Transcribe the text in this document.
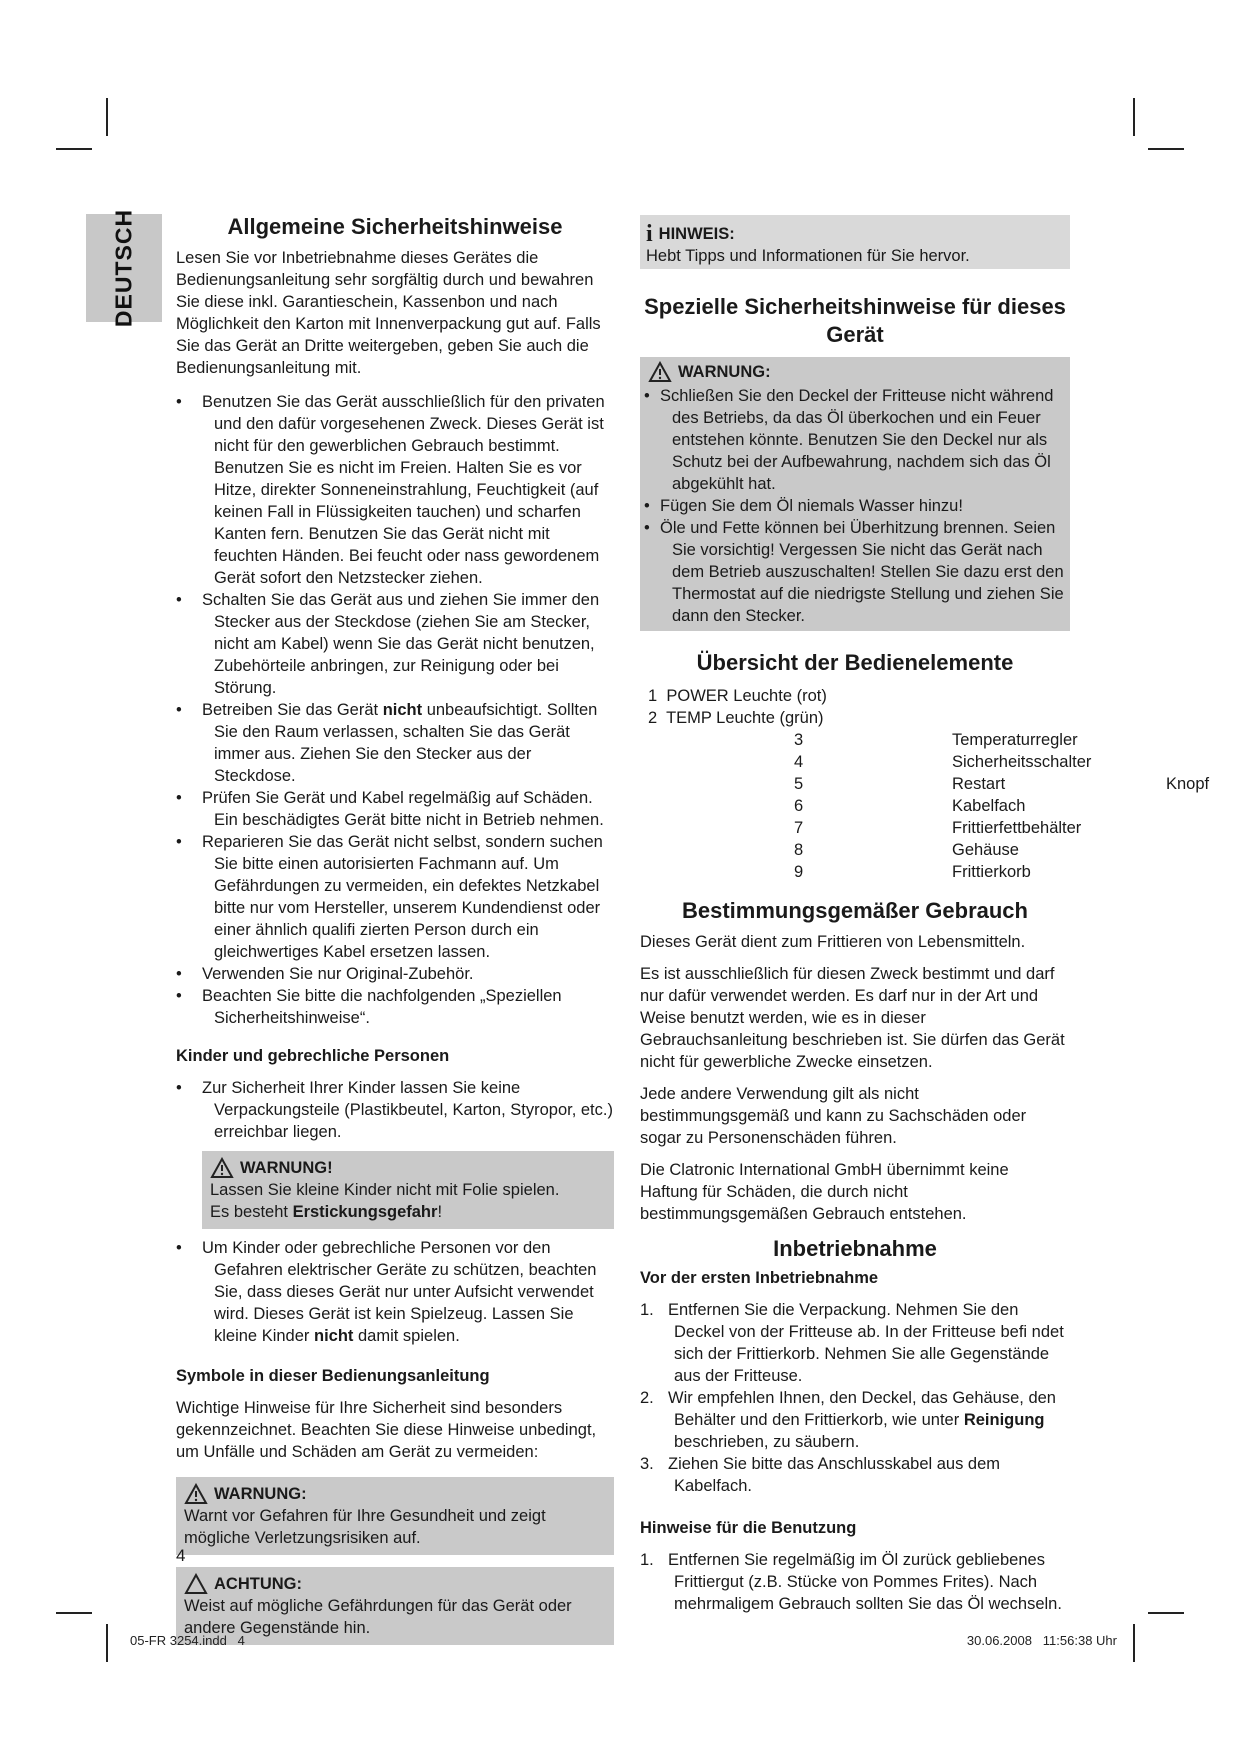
DEUTSCH	Allgemeine Sicherheitshinweise

Lesen Sie vor Inbetriebnahme dieses Gerätes die Bedienungsanleitung sehr sorgfältig durch und bewahren Sie diese inkl. Garantieschein, Kassenbon und nach Möglichkeit den Karton mit Innenverpackung gut auf. Falls Sie das Gerät an Dritte weitergeben, geben Sie auch die Bedienungsanleitung mit.

• Benutzen Sie das Gerät ausschließlich für den privaten und den dafür vorgesehenen Zweck. Dieses Gerät ist nicht für den gewerblichen Gebrauch bestimmt. Benutzen Sie es nicht im Freien. Halten Sie es vor Hitze, direkter Sonneneinstrahlung, Feuchtigkeit (auf keinen Fall in Flüssigkeiten tauchen) und scharfen Kanten fern. Benutzen Sie das Gerät nicht mit feuchten Händen. Bei feucht oder nass gewordenem Gerät sofort den Netzstecker ziehen.
• Schalten Sie das Gerät aus und ziehen Sie immer den Stecker aus der Steckdose (ziehen Sie am Stecker, nicht am Kabel) wenn Sie das Gerät nicht benutzen, Zubehörteile anbringen, zur Reinigung oder bei Störung.
• Betreiben Sie das Gerät nicht unbeaufsichtigt. Sollten Sie den Raum verlassen, schalten Sie das Gerät immer aus. Ziehen Sie den Stecker aus der Steckdose.
• Prüfen Sie Gerät und Kabel regelmäßig auf Schäden. Ein beschädigtes Gerät bitte nicht in Betrieb nehmen.
• Reparieren Sie das Gerät nicht selbst, sondern suchen Sie bitte einen autorisierten Fachmann auf. Um Gefährdungen zu vermeiden, ein defektes Netzkabel bitte nur vom Hersteller, unserem Kundendienst oder einer ähnlich qualifi zierten Person durch ein gleichwertiges Kabel ersetzen lassen.
• Verwenden Sie nur Original-Zubehör.
• Beachten Sie bitte die nachfolgenden „Speziellen Sicherheitshinweise“.
Kinder und gebrechliche Personen
• Zur Sicherheit Ihrer Kinder lassen Sie keine Verpackungsteile (Plastikbeutel, Karton, Styropor, etc.) erreichbar liegen.
WARNUNG!

Lassen Sie kleine Kinder nicht mit Folie spielen.

Es besteht Erstickungsgefahr!

• Um Kinder oder gebrechliche Personen vor den Gefahren elektrischer Geräte zu schützen, beachten Sie, dass dieses Gerät nur unter Aufsicht verwendet wird. Dieses Gerät ist kein Spielzeug. Lassen Sie kleine Kinder nicht damit spielen.
Symbole in dieser Bedienungsanleitung

Wichtige Hinweise für Ihre Sicherheit sind besonders gekennzeichnet. Beachten Sie diese Hinweise unbedingt, um Unfälle und Schäden am Gerät zu vermeiden:

WARNUNG:

Warnt vor Gefahren für Ihre Gesundheit und zeigt mögliche Verletzungsrisiken auf.

ACHTUNG:

Weist auf mögliche Gefährdungen für das Gerät oder andere Gegenstände hin.

4
i HINWEIS:

Hebt Tipps und Informationen für Sie hervor.

Spezielle Sicherheitshinweise für dieses Gerät
WARNUNG:
• Schließen Sie den Deckel der Fritteuse nicht während des Betriebs, da das Öl überkochen und ein Feuer entstehen könnte. Benutzen Sie den Deckel nur als Schutz bei der Aufbewahrung, nachdem sich das Öl abgekühlt hat.
• Fügen Sie dem Öl niemals Wasser hinzu!
• Öle und Fette können bei Überhitzung brennen. Seien Sie vorsichtig! Vergessen Sie nicht das Gerät nach dem Betrieb auszuschalten! Stellen Sie dazu erst den Thermostat auf die niedrigste Stellung und ziehen Sie dann den Stecker.
Übersicht der Bedienelemente
1 POWER Leuchte (rot)
2 TEMP Leuchte (grün)
3	Temperaturregler
4	Sicherheitsschalter
5	Restart	Knopf
6	Kabelfach
7	Frittierfettbehälter
8	Gehäuse
9	Frittierkorb
Bestimmungsgemäßer Gebrauch

Dieses Gerät dient zum Frittieren von Lebensmitteln.

Es ist ausschließlich für diesen Zweck bestimmt und darf nur dafür verwendet werden. Es darf nur in der Art und Weise benutzt werden, wie es in dieser Gebrauchsanleitung beschrieben ist. Sie dürfen das Gerät nicht für gewerbliche Zwecke einsetzen.

Jede andere Verwendung gilt als nicht bestimmungsgemäß und kann zu Sachschäden oder sogar zu Personenschäden führen.

Die Clatronic International GmbH übernimmt keine Haftung für Schäden, die durch nicht bestimmungsgemäßen Gebrauch entstehen.

Inbetriebnahme
Vor der ersten Inbetriebnahme
1. Entfernen Sie die Verpackung. Nehmen Sie den Deckel von der Fritteuse ab. In der Fritteuse befi ndet sich der Frittierkorb. Nehmen Sie alle Gegenstände aus der Fritteuse.
2. Wir empfehlen Ihnen, den Deckel, das Gehäuse, den Behälter und den Frittierkorb, wie unter Reinigung beschrieben, zu säubern.
3. Ziehen Sie bitte das Anschlusskabel aus dem Kabelfach.
Hinweise für die Benutzung
1. Entfernen Sie regelmäßig im Öl zurück gebliebenes Frittiergut (z.B. Stücke von Pommes Frites). Nach mehrmaligem Gebrauch sollten Sie das Öl wechseln.
05-FR 3254.indd   4	30.06.2008   11:56:38 Uhr
